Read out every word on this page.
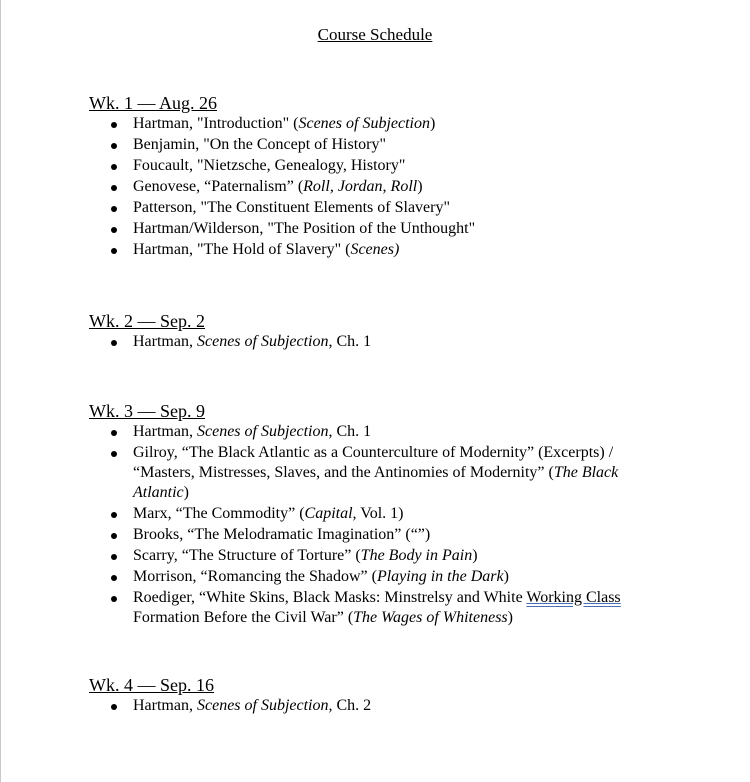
Course Schedule
Wk. 1 — Aug. 26
Hartman, "Introduction" (Scenes of Subjection)
Benjamin, "On the Concept of History"
Foucault, "Nietzsche, Genealogy, History"
Genovese, “Paternalism” (Roll, Jordan, Roll)
Patterson, "The Constituent Elements of Slavery"
Hartman/Wilderson, "The Position of the Unthought"
Hartman, "The Hold of Slavery" (Scenes)
Wk. 2 — Sep. 2
Hartman, Scenes of Subjection, Ch. 1
Wk. 3 — Sep. 9
Hartman, Scenes of Subjection, Ch. 1
Gilroy, “The Black Atlantic as a Counterculture of Modernity” (Excerpts) / “Masters, Mistresses, Slaves, and the Antinomies of Modernity” (The Black Atlantic)
Marx, “The Commodity” (Capital, Vol. 1)
Brooks, “The Melodramatic Imagination” (“”)
Scarry, “The Structure of Torture” (The Body in Pain)
Morrison, “Romancing the Shadow” (Playing in the Dark)
Roediger, “White Skins, Black Masks: Minstrelsy and White Working Class Formation Before the Civil War” (The Wages of Whiteness)
Wk. 4 — Sep. 16
Hartman, Scenes of Subjection, Ch. 2
